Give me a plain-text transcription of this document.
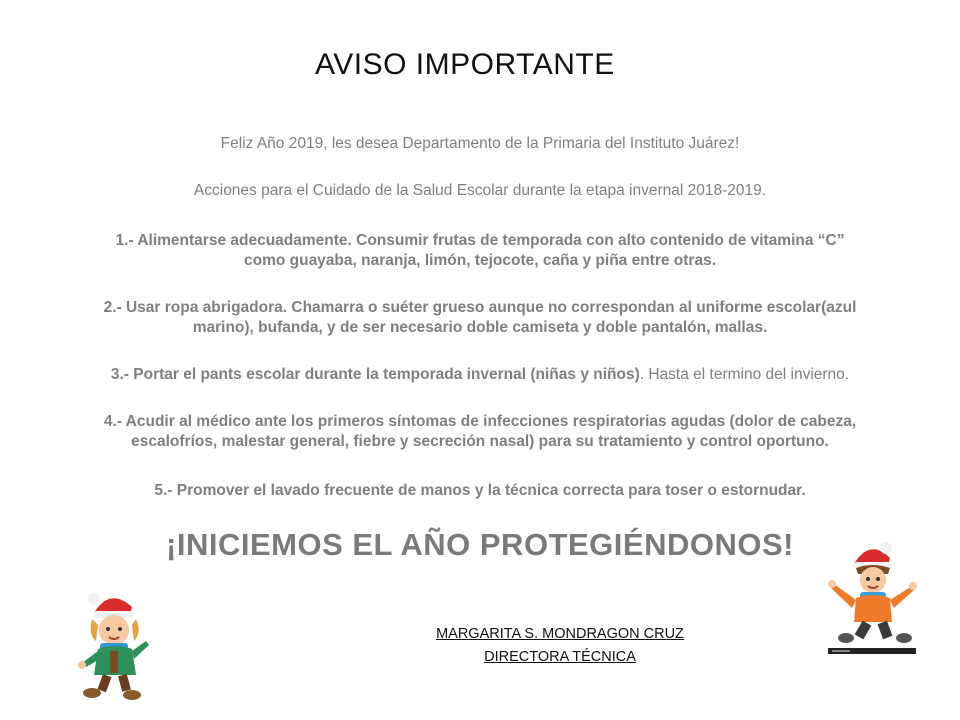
AVISO IMPORTANTE
Feliz Año 2019, les desea Departamento de la Primaria del Instituto Juárez!
Acciones para el Cuidado de la Salud Escolar durante la etapa invernal 2018-2019.
1.- Alimentarse adecuadamente. Consumir frutas de temporada con alto contenido de vitamina “C”
como guayaba, naranja, limón, tejocote, caña y piña entre otras.
2.- Usar ropa abrigadora. Chamarra o suéter grueso aunque no correspondan al uniforme escolar(azul
marino), bufanda, y de ser necesario doble camiseta y doble pantalón, mallas.
3.- Portar el pants escolar durante la temporada invernal (niñas y niños). Hasta el termino del invierno.
4.- Acudir al médico ante los primeros síntomas de infecciones respiratorias agudas (dolor de cabeza,
escalofríos, malestar general, fiebre y secreción nasal) para su tratamiento y control oportuno.
5.- Promover el lavado frecuente de manos y la técnica correcta para toser o estornudar.
¡INICIEMOS EL AÑO PROTEGIÉNDONOS!
MARGARITA S. MONDRAGON CRUZ
DIRECTORA TÉCNICA
